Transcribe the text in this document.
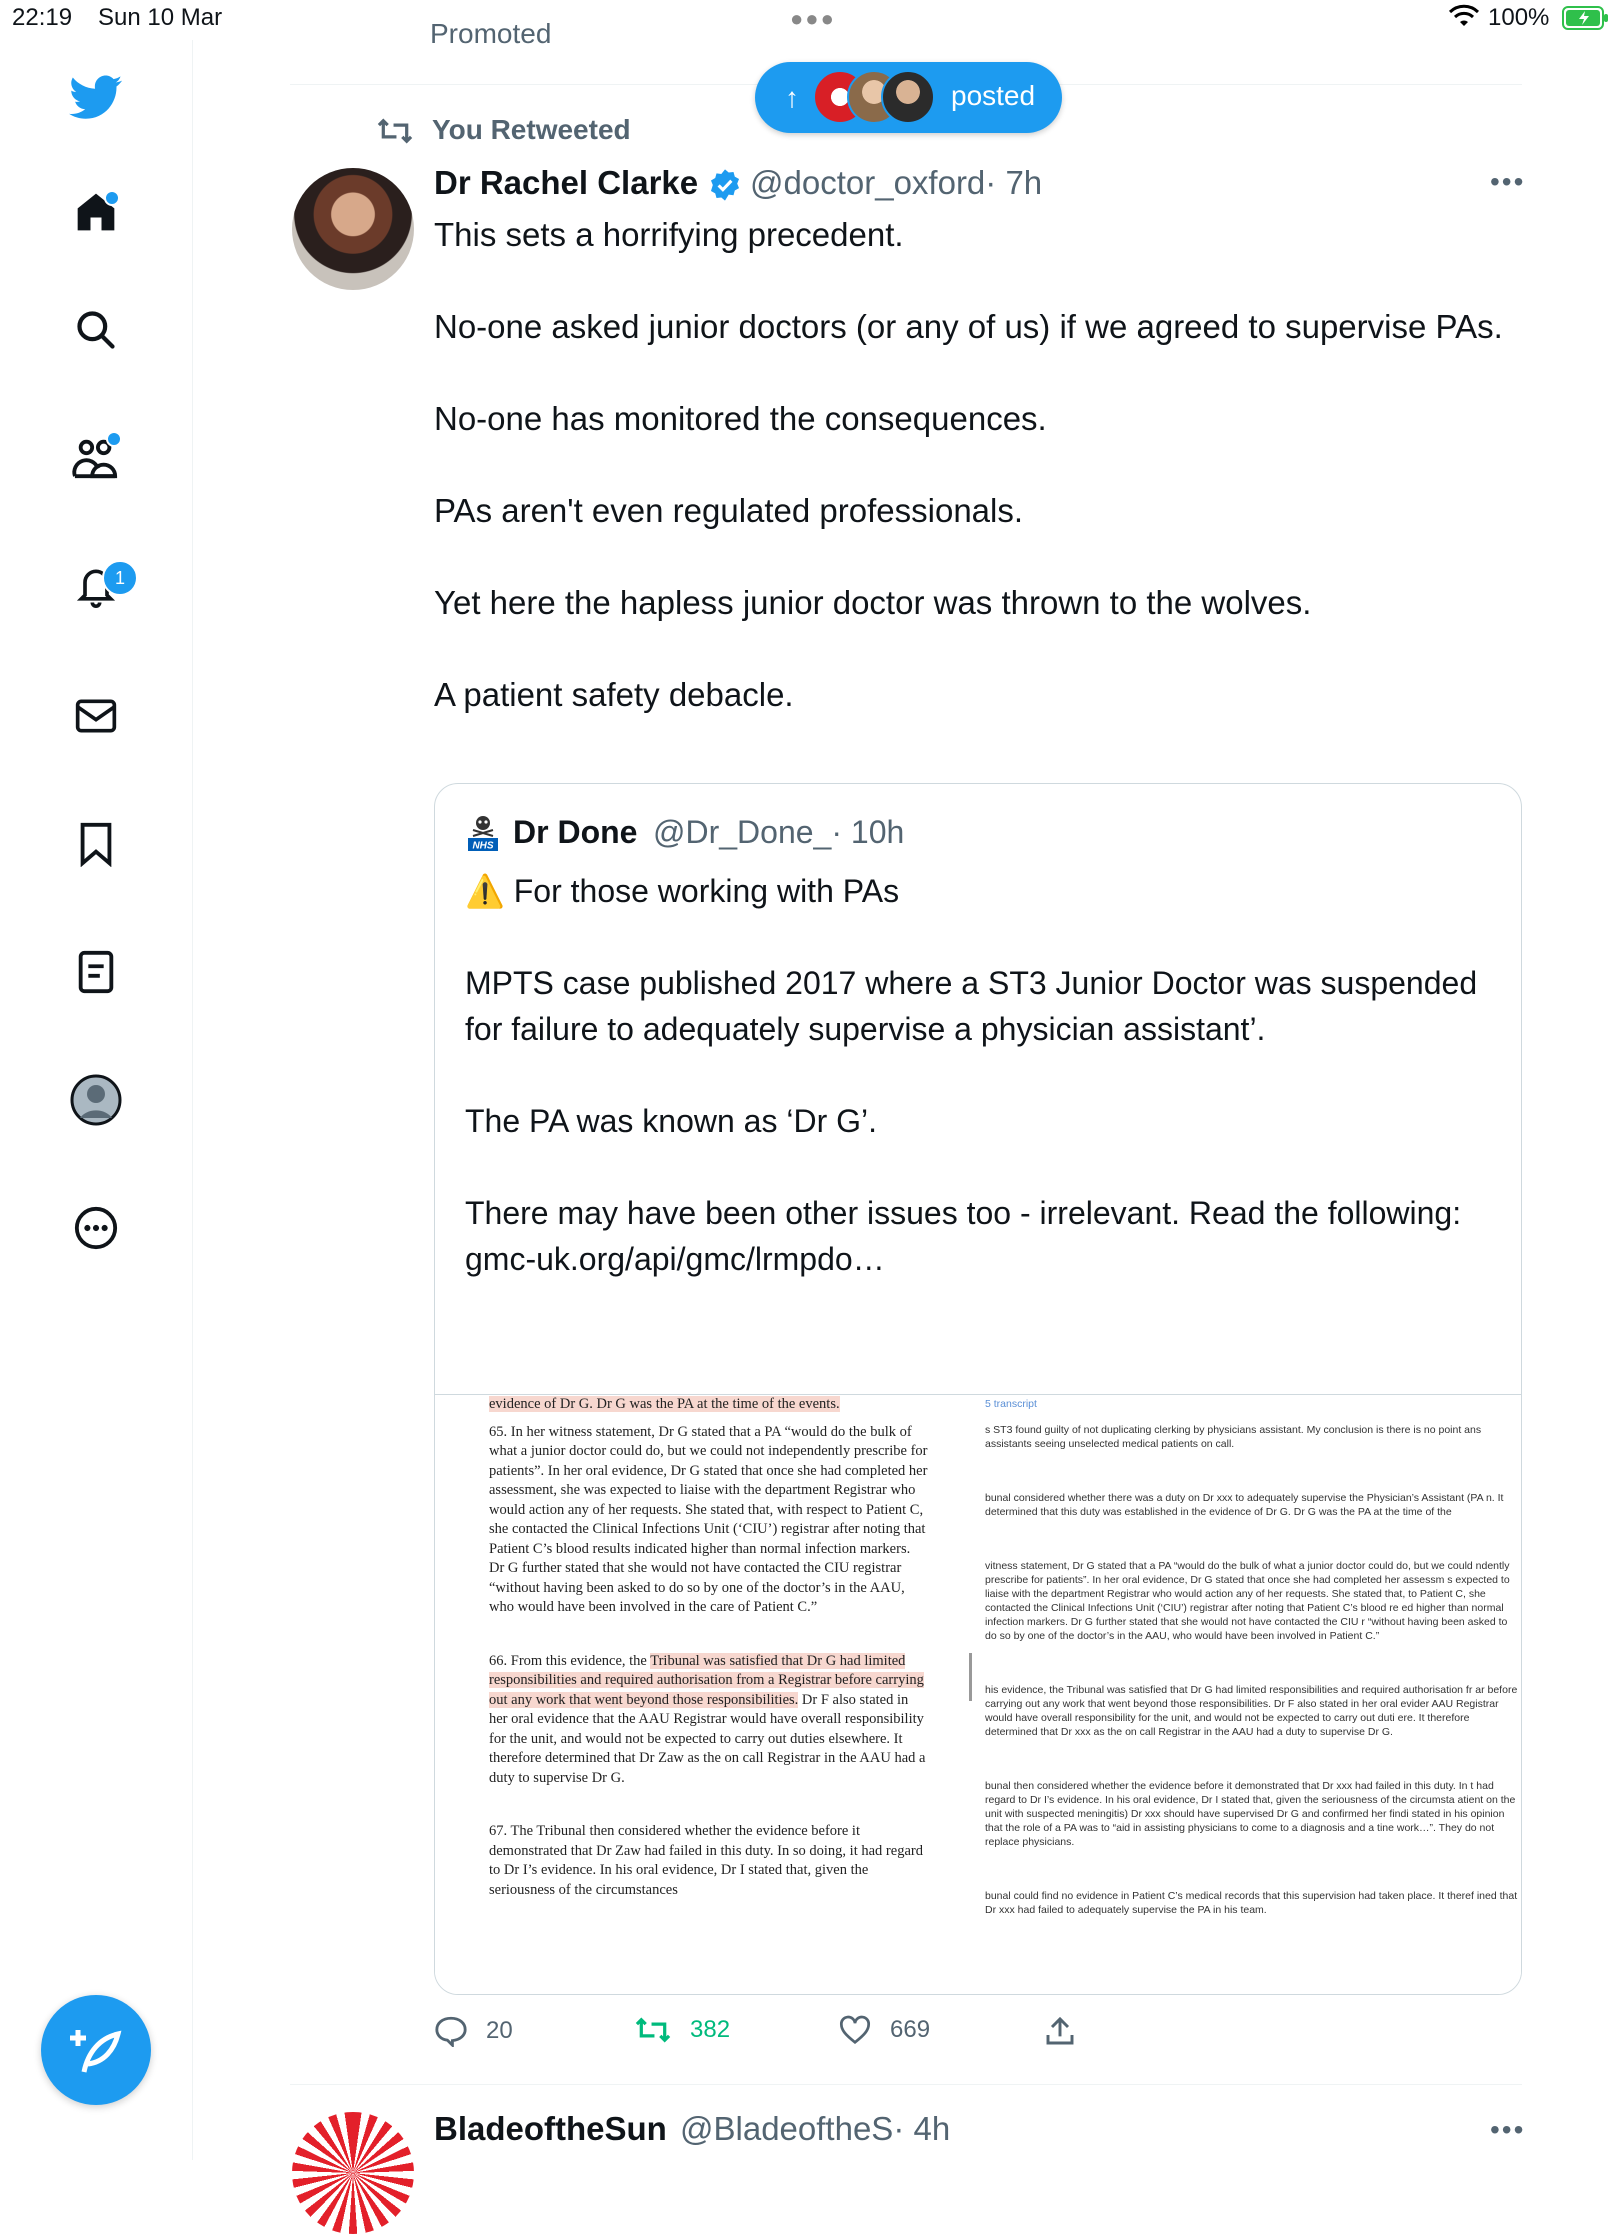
22:19 Sun 10 Mar	●●●	100%
1
Promoted
↑	posted
You Retweeted
Dr Rachel Clarke @doctor_oxford· 7h	•••

This sets a horrifying precedent.

No-one asked junior doctors (or any of us) if we agreed to supervise PAs.

No-one has monitored the consequences.

PAs aren't even regulated professionals.

Yet here the hapless junior doctor was thrown to the wolves.

A patient safety debacle.

NHS Dr Done @Dr_Done_· 10h

⚠️ For those working with PAs

MPTS case published 2017 where a ST3 Junior Doctor was suspended for failure to adequately supervise a physician assistant’.

The PA was known as ‘Dr G’.

There may have been other issues too - irrelevant. Read the following:

gmc-uk.org/api/gmc/lrmpdo…

evidence of Dr G. Dr G was the PA at the time of the events.

65. In her witness statement, Dr G stated that a PA “would do the bulk of what a junior doctor could do, but we could not independently prescribe for patients”. In her oral evidence, Dr G stated that once she had completed her assessment, she was expected to liaise with the department Registrar who would action any of her requests. She stated that, with respect to Patient C, she contacted the Clinical Infections Unit (‘CIU’) registrar after noting that Patient C’s blood results indicated higher than normal infection markers. Dr G further stated that she would not have contacted the CIU registrar “without having been asked to do so by one of the doctor’s in the AAU, who would have been involved in the care of Patient C.”

66. From this evidence, the Tribunal was satisfied that Dr G had limited responsibilities and required authorisation from a Registrar before carrying out any work that went beyond those responsibilities. Dr F also stated in her oral evidence that the AAU Registrar would have overall responsibility for the unit, and would not be expected to carry out duties elsewhere. It therefore determined that Dr Zaw as the on call Registrar in the AAU had a duty to supervise Dr G.

67. The Tribunal then considered whether the evidence before it demonstrated that Dr Zaw had failed in this duty. In so doing, it had regard to Dr I’s evidence. In his oral evidence, Dr I stated that, given the seriousness of the circumstances

5 transcript
s ST3 found guilty of not duplicating clerking by physicians assistant. My conclusion is there is no point ans assistants seeing unselected medical patients on call.
bunal considered whether there was a duty on Dr xxx to adequately supervise the Physician’s Assistant (PA n. It determined that this duty was established in the evidence of Dr G. Dr G was the PA at the time of the
vitness statement, Dr G stated that a PA “would do the bulk of what a junior doctor could do, but we could ndently prescribe for patients”. In her oral evidence, Dr G stated that once she had completed her assessm s expected to liaise with the department Registrar who would action any of her requests. She stated that, to Patient C, she contacted the Clinical Infections Unit (‘CIU’) registrar after noting that Patient C’s blood re ed higher than normal infection markers. Dr G further stated that she would not have contacted the CIU r “without having been asked to do so by one of the doctor’s in the AAU, who would have been involved in Patient C.”
his evidence, the Tribunal was satisfied that Dr G had limited responsibilities and required authorisation fr ar before carrying out any work that went beyond those responsibilities. Dr F also stated in her oral evider AAU Registrar would have overall responsibility for the unit, and would not be expected to carry out duti ere. It therefore determined that Dr xxx as the on call Registrar in the AAU had a duty to supervise Dr G.
bunal then considered whether the evidence before it demonstrated that Dr xxx had failed in this duty. In t had regard to Dr I’s evidence. In his oral evidence, Dr I stated that, given the seriousness of the circumsta atient on the unit with suspected meningitis) Dr xxx should have supervised Dr G and confirmed her findi stated in his opinion that the role of a PA was to “aid in assisting physicians to come to a diagnosis and a tine work…”. They do not replace physicians.
bunal could find no evidence in Patient C’s medical records that this supervision had taken place. It theref ined that Dr xxx had failed to adequately supervise the PA in his team.
20	382	669
BladeoftheSun @BladeoftheS· 4h	•••
